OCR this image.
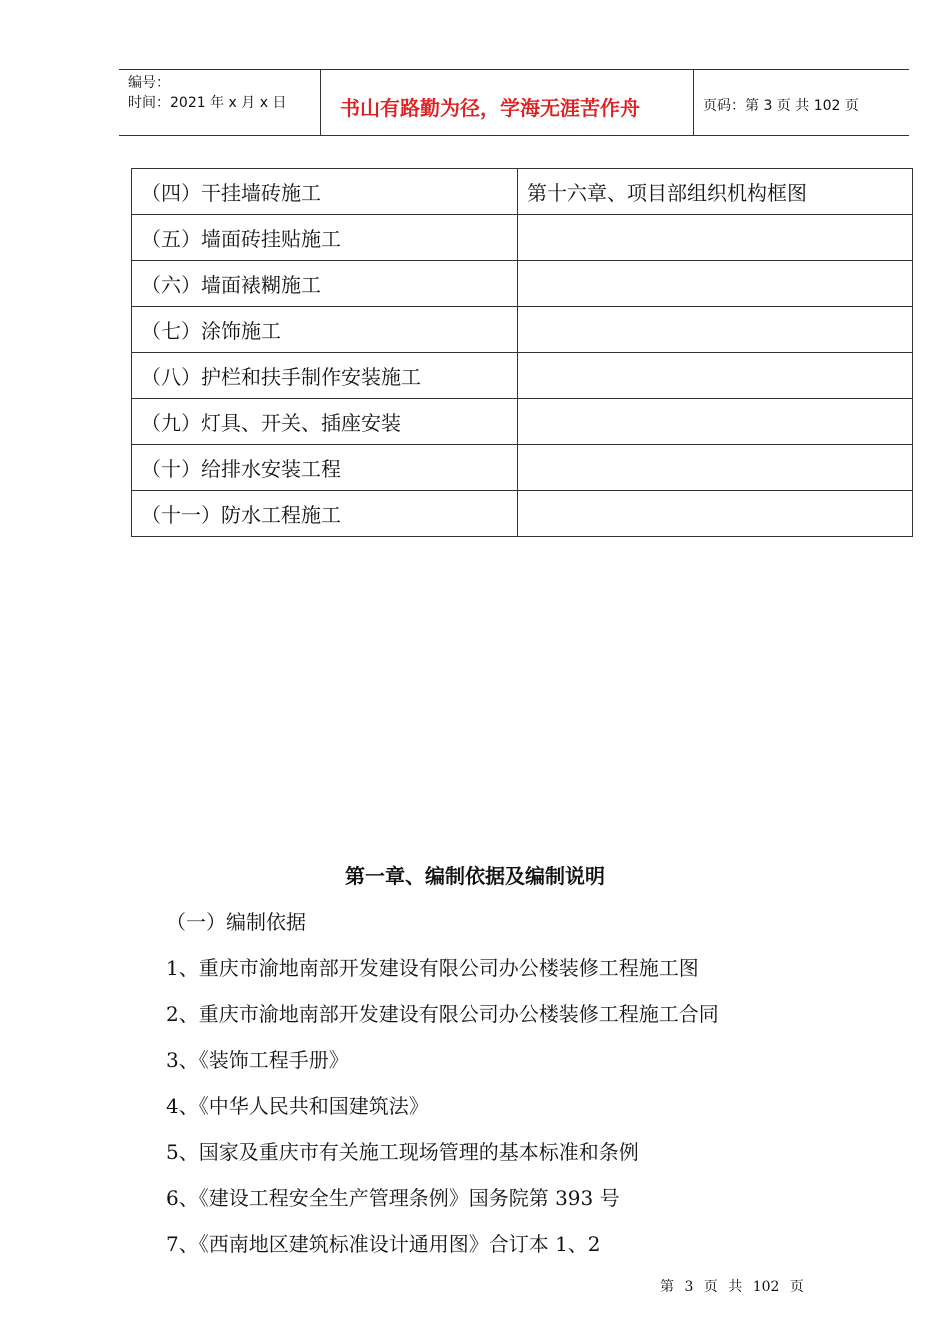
编号：
时间：2021 年 x 月 x 日	书山有路勤为径，学海无涯苦作舟	页码：第 3 页 共 102 页
（四）干挂墙砖施工	第十六章、项目部组织机构框图
（五）墙面砖挂贴施工	
（六）墙面裱糊施工	
（七）涂饰施工	
（八）护栏和扶手制作安装施工	
（九）灯具、开关、插座安装	
（十）给排水安装工程	
（十一）防水工程施工	
第一章、编制依据及编制说明
（一）编制依据
1、重庆市渝地南部开发建设有限公司办公楼装修工程施工图
2、重庆市渝地南部开发建设有限公司办公楼装修工程施工合同
3、《装饰工程手册》
4、《中华人民共和国建筑法》
5、国家及重庆市有关施工现场管理的基本标准和条例
6、《建设工程安全生产管理条例》国务院第 393 号
7、《西南地区建筑标准设计通用图》合订本 1、2
第 3 页 共 102 页
